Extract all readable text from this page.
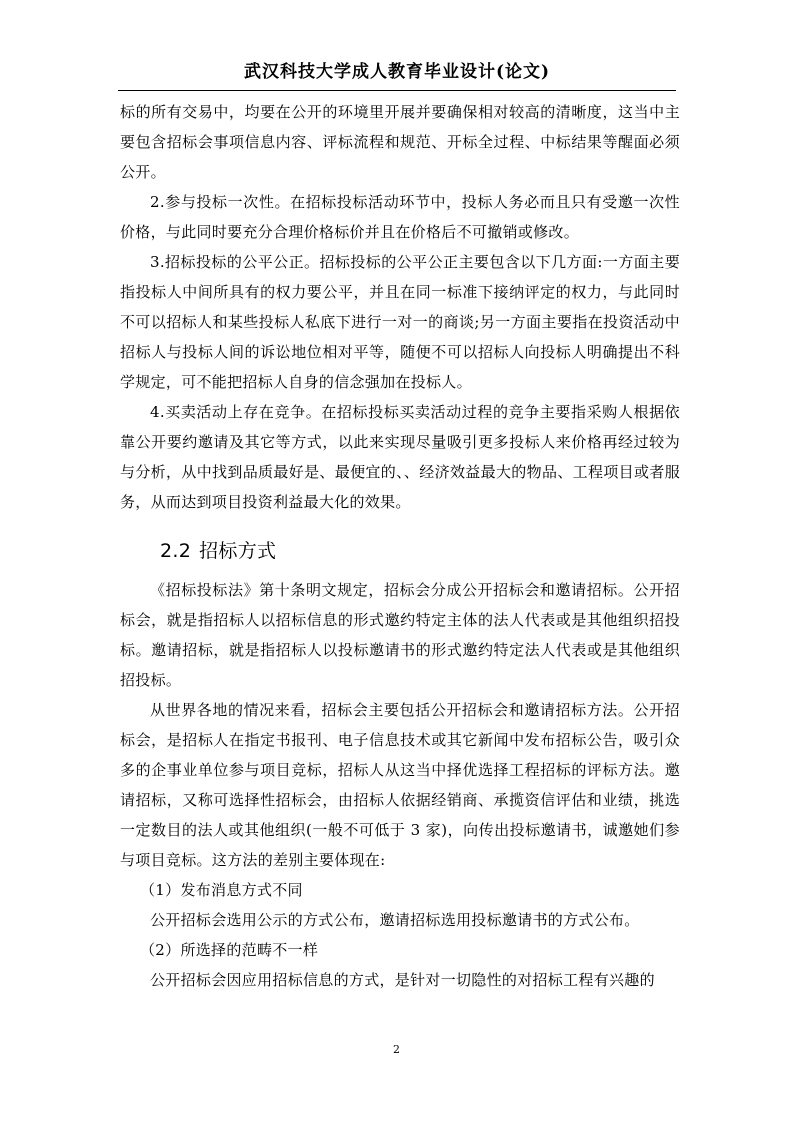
武汉科技大学成人教育毕业设计(论文)

标的所有交易中，均要在公开的环境里开展并要确保相对较高的清晰度，这当中主要包含招标会事项信息内容、评标流程和规范、开标全过程、中标结果等醒面必须公开。

2.参与投标一次性。在招标投标活动环节中，投标人务必而且只有受邀一次性价格，与此同时要充分合理价格标价并且在价格后不可撤销或修改。

3.招标投标的公平公正。招标投标的公平公正主要包含以下几方面:一方面主要指投标人中间所具有的权力要公平，并且在同一标准下接纳评定的权力，与此同时不可以招标人和某些投标人私底下进行一对一的商谈;另一方面主要指在投资活动中招标人与投标人间的诉讼地位相对平等，随便不可以招标人向投标人明确提出不科学规定，可不能把招标人自身的信念强加在投标人。

4.买卖活动上存在竞争。在招标投标买卖活动过程的竞争主要指采购人根据依靠公开要约邀请及其它等方式，以此来实现尽量吸引更多投标人来价格再经过较为与分析，从中找到品质最好是、最便宜的、、经济效益最大的物品、工程项目或者服务，从而达到项目投资利益最大化的效果。

2.2 招标方式

《招标投标法》第十条明文规定，招标会分成公开招标会和邀请招标。公开招标会，就是指招标人以招标信息的形式邀约特定主体的法人代表或是其他组织招投标。邀请招标，就是指招标人以投标邀请书的形式邀约特定法人代表或是其他组织招投标。

从世界各地的情况来看，招标会主要包括公开招标会和邀请招标方法。公开招标会，是招标人在指定书报刊、电子信息技术或其它新闻中发布招标公告，吸引众多的企事业单位参与项目竞标，招标人从这当中择优选择工程招标的评标方法。邀请招标，又称可选择性招标会，由招标人依据经销商、承揽资信评估和业绩，挑选一定数目的法人或其他组织(一般不可低于 3 家)，向传出投标邀请书，诚邀她们参与项目竞标。这方法的差别主要体现在:

（1）发布消息方式不同

公开招标会选用公示的方式公布，邀请招标选用投标邀请书的方式公布。

（2）所选择的范畴不一样

公开招标会因应用招标信息的方式，是针对一切隐性的对招标工程有兴趣的

2
